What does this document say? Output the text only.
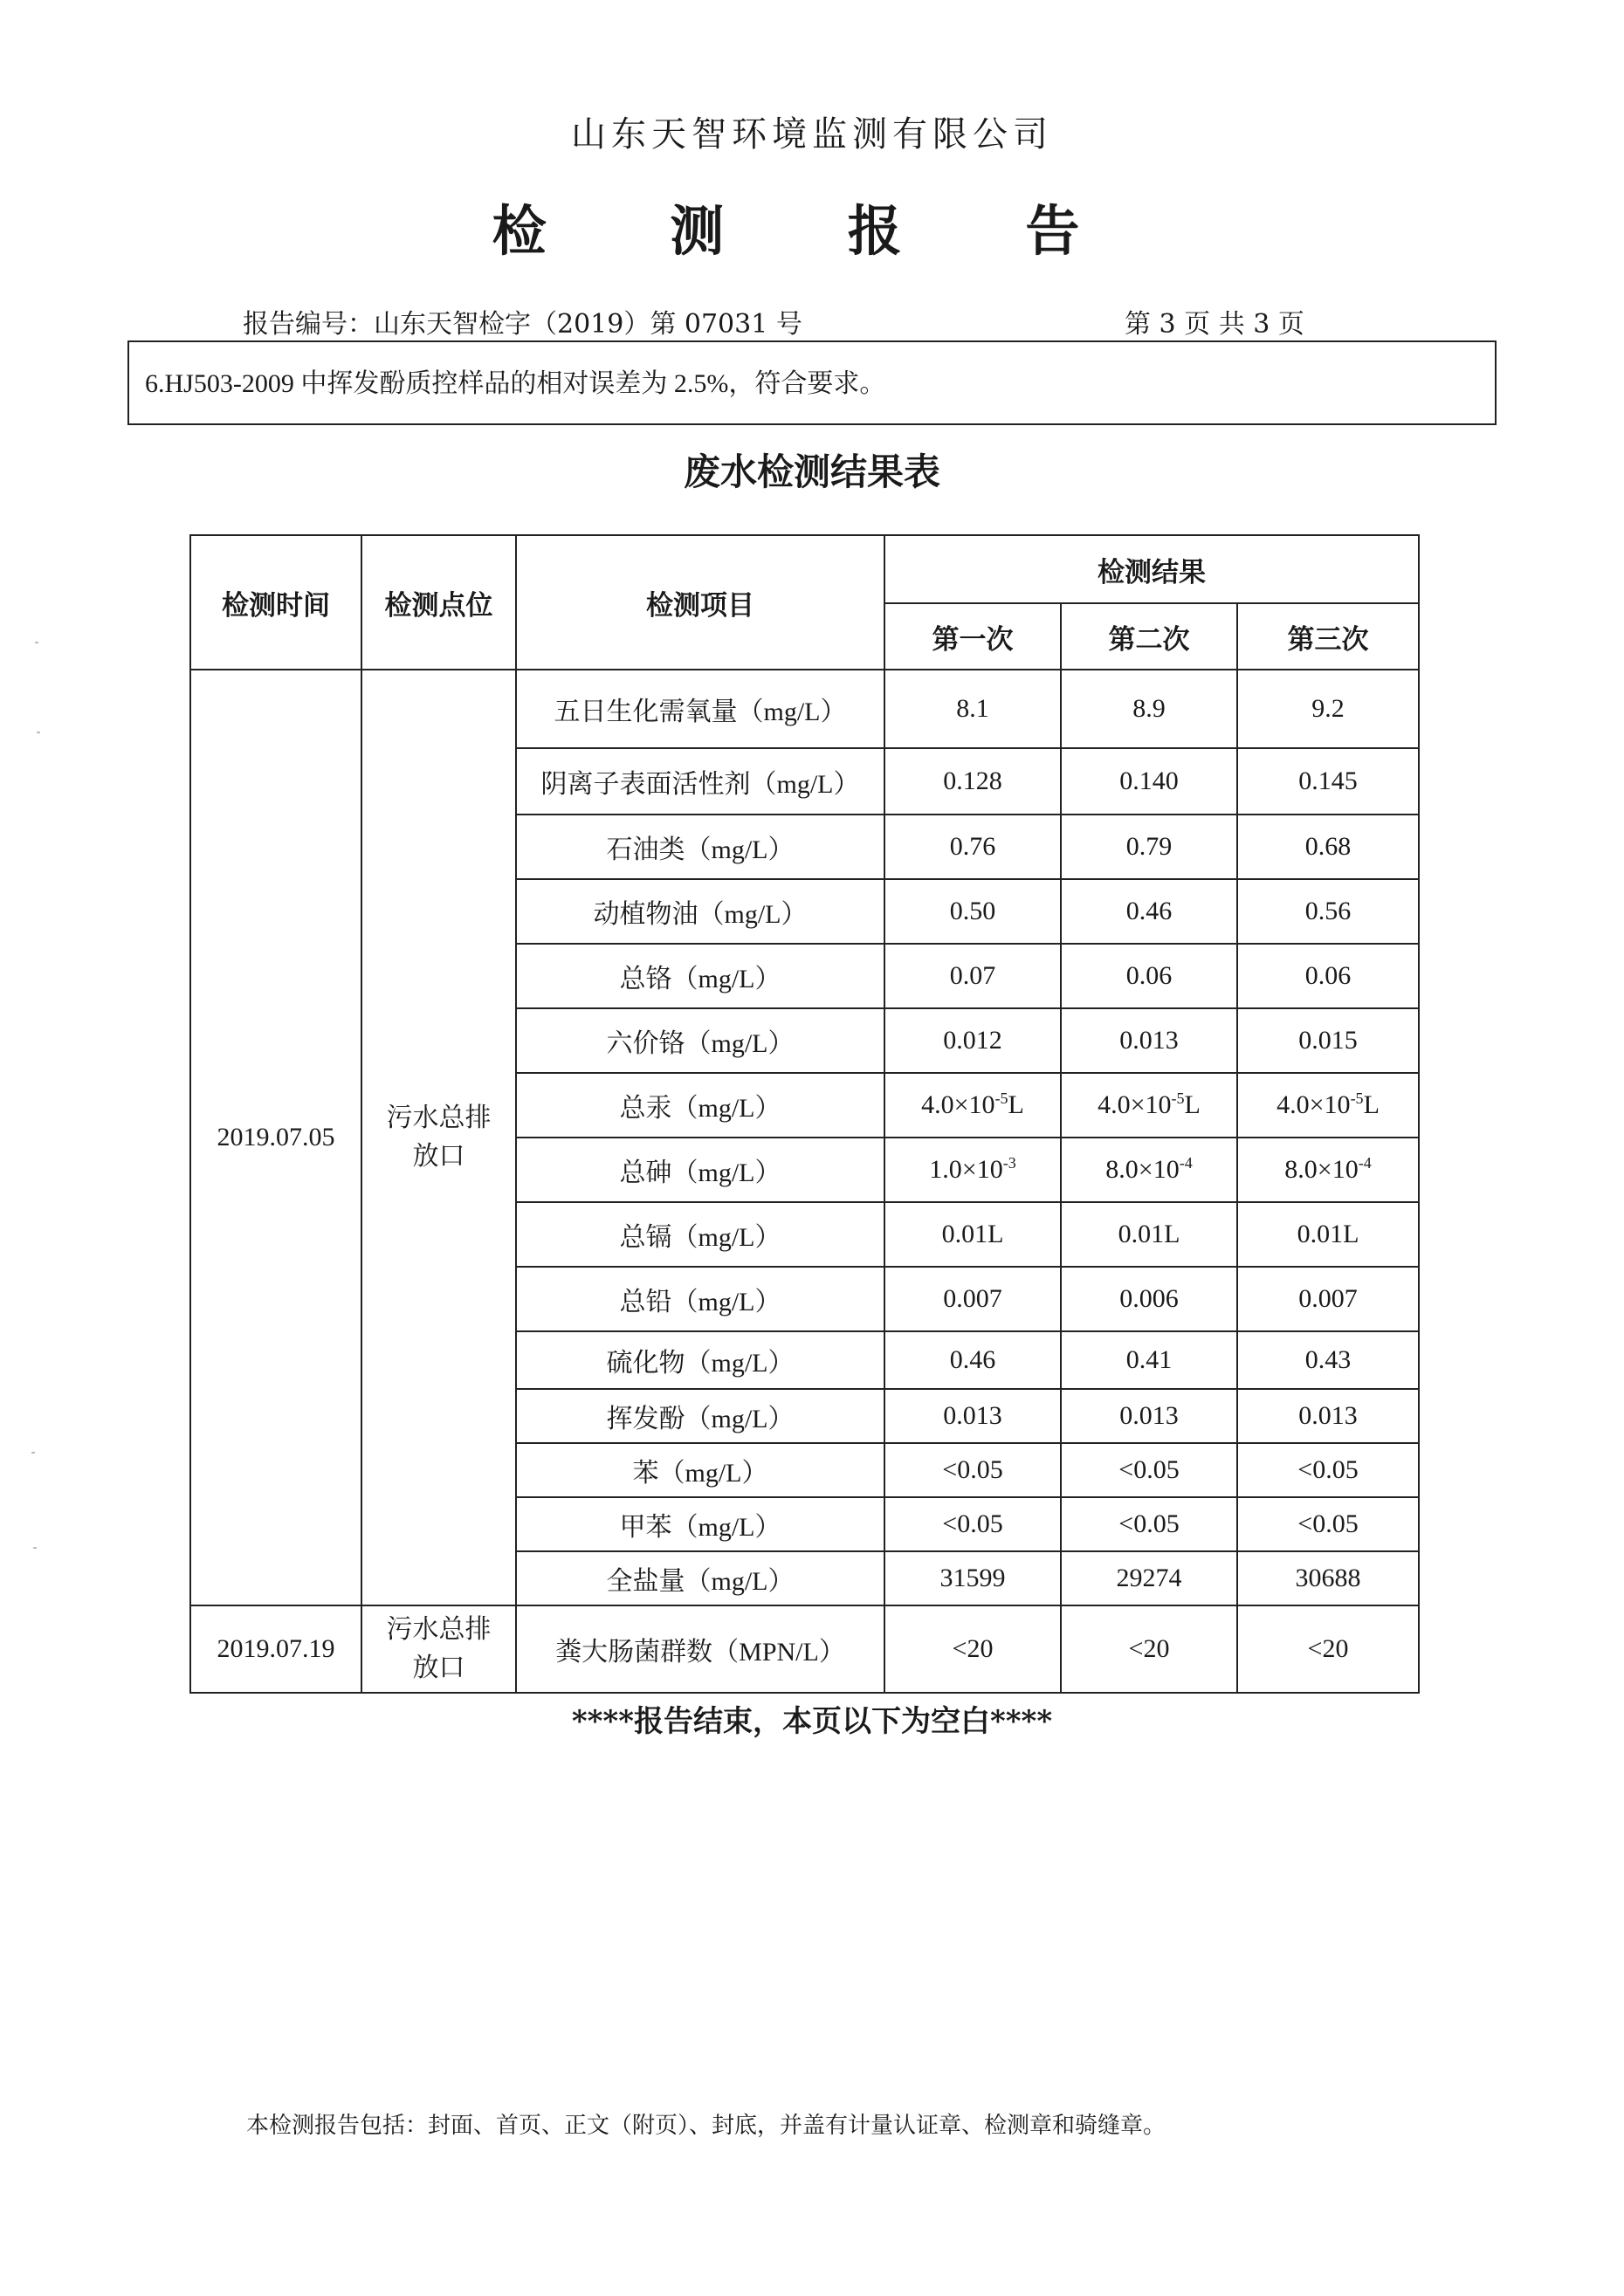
山东天智环境监测有限公司
检 测 报 告
报告编号：山东天智检字（2019）第 07031 号	第 3 页 共 3 页
6.HJ503-2009 中挥发酚质控样品的相对误差为 2.5%，符合要求。
废水检测结果表
检测时间	检测点位	检测项目	检测结果		
			第一次	第二次	第三次
2019.07.05	污水总排放口	五日生化需氧量（mg/L）	8.1	8.9	9.2
		阴离子表面活性剂（mg/L）	0.128	0.140	0.145
		石油类（mg/L）	0.76	0.79	0.68
		动植物油（mg/L）	0.50	0.46	0.56
		总铬（mg/L）	0.07	0.06	0.06
		六价铬（mg/L）	0.012	0.013	0.015
		总汞（mg/L）	$4.0\times 10^{-5}L$	$4.0\times 10^{-5}L$	$4.0\times 10^{-5}L$
		总砷（mg/L）	$1.0\times 10^{-3}$	$8.0\times 10^{-4}$	$8.0\times 10^{-4}$
		总镉（mg/L）	0.01L	0.01L	0.01L
		总铅（mg/L）	0.007	0.006	0.007
		硫化物（mg/L）	0.46	0.41	0.43
		挥发酚（mg/L）	0.013	0.013	0.013
		苯（mg/L）	<0.05	<0.05	<0.05
		甲苯（mg/L）	<0.05	<0.05	<0.05
		全盐量（mg/L）	31599	29274	30688
2019.07.19	污水总排放口	粪大肠菌群数（MPN/L）	<20	<20	<20
****报告结束，本页以下为空白****
本检测报告包括：封面、首页、正文（附页）、封底，并盖有计量认证章、检测章和骑缝章。
